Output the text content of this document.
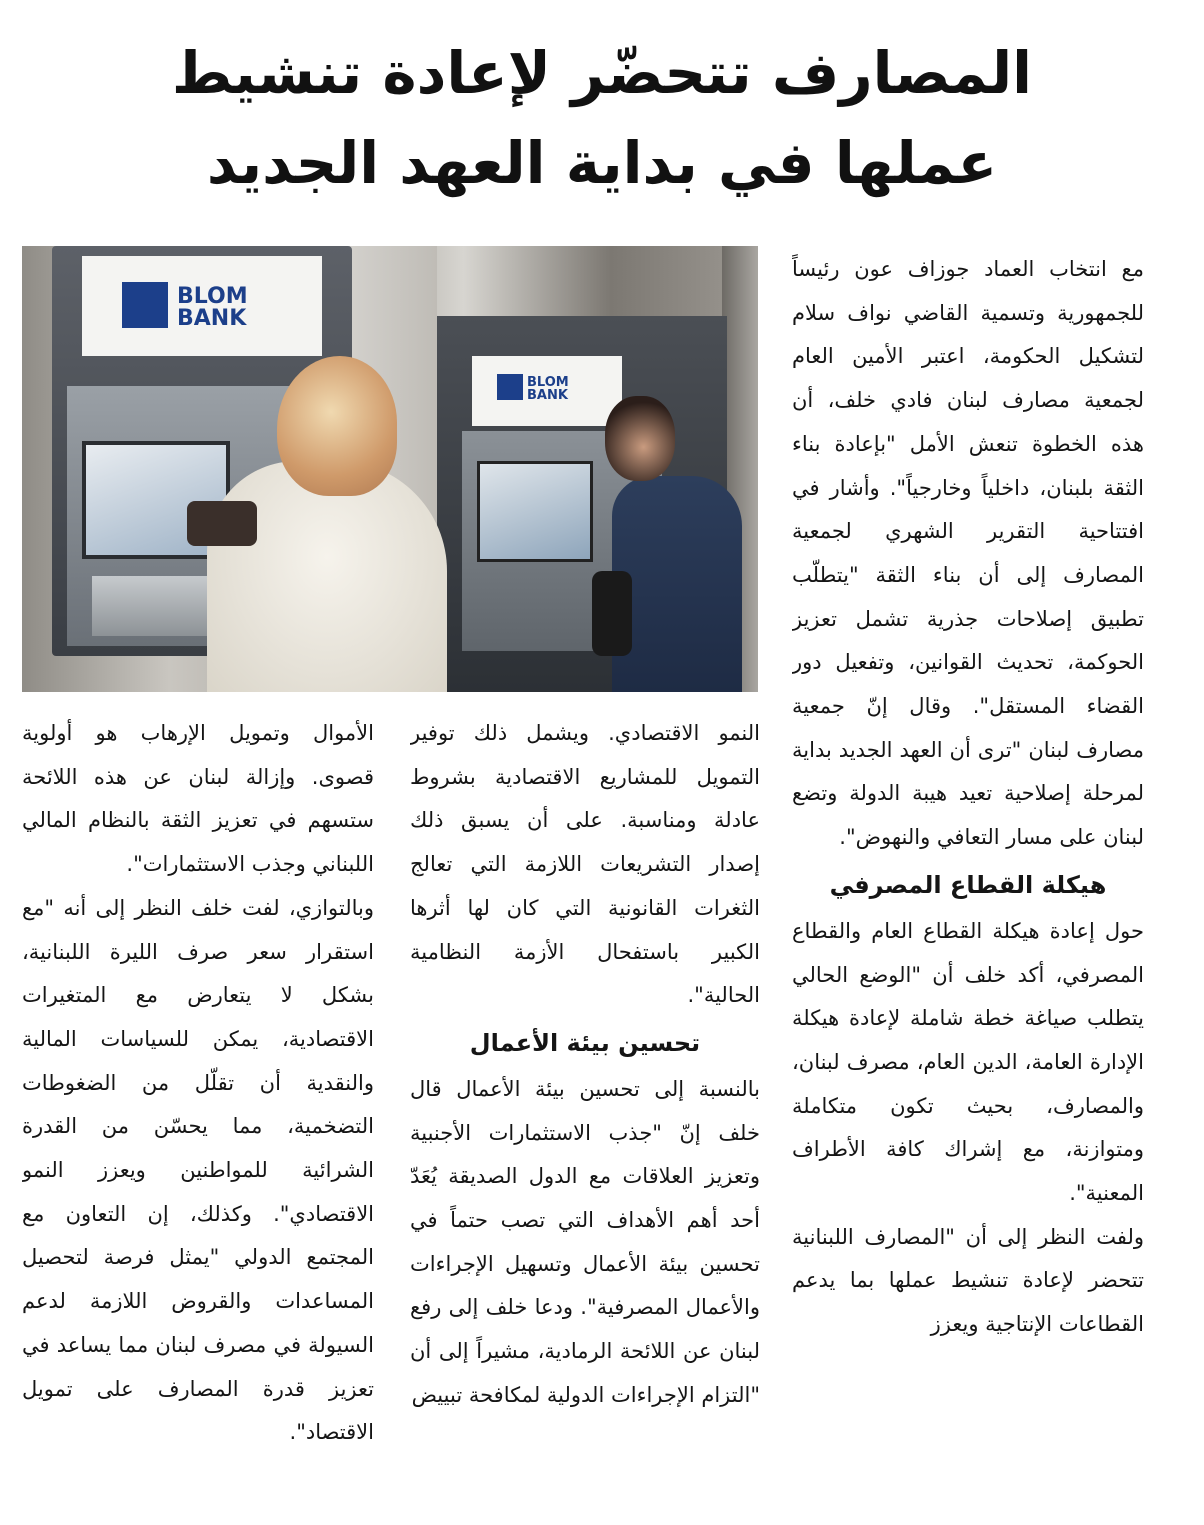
المصارف تتحضّر لإعادة تنشيط
عملها في بداية العهد الجديد
BLOM
BANK
BLOM
BANK

مع انتخاب العماد جوزاف عون رئيساً للجمهورية وتسمية القاضي نواف سلام لتشكيل الحكومة، اعتبر الأمين العام لجمعية مصارف لبنان فادي خلف، أن هذه الخطوة تنعش الأمل "بإعادة بناء الثقة بلبنان، داخلياً وخارجياً". وأشار في افتتاحية التقرير الشهري لجمعية المصارف إلى أن بناء الثقة "يتطلّب تطبيق إصلاحات جذرية تشمل تعزيز الحوكمة، تحديث القوانين، وتفعيل دور القضاء المستقل". وقال إنّ جمعية مصارف لبنان "ترى أن العهد الجديد بداية لمرحلة إصلاحية تعيد هيبة الدولة وتضع لبنان على مسار التعافي والنهوض".

هيكلة القطاع المصرفي

حول إعادة هيكلة القطاع العام والقطاع المصرفي، أكد خلف أن "الوضع الحالي يتطلب صياغة خطة شاملة لإعادة هيكلة الإدارة العامة، الدين العام، مصرف لبنان، والمصارف، بحيث تكون متكاملة ومتوازنة، مع إشراك كافة الأطراف المعنية".

ولفت النظر إلى أن "المصارف اللبنانية تتحضر لإعادة تنشيط عملها بما يدعم القطاعات الإنتاجية ويعزز

النمو الاقتصادي. ويشمل ذلك توفير التمويل للمشاريع الاقتصادية بشروط عادلة ومناسبة. على أن يسبق ذلك إصدار التشريعات اللازمة التي تعالج الثغرات القانونية التي كان لها أثرها الكبير باستفحال الأزمة النظامية الحالية".

تحسين بيئة الأعمال

بالنسبة إلى تحسين بيئة الأعمال قال خلف إنّ "جذب الاستثمارات الأجنبية وتعزيز العلاقات مع الدول الصديقة يُعَدّ أحد أهم الأهداف التي تصب حتماً في تحسين بيئة الأعمال وتسهيل الإجراءات والأعمال المصرفية". ودعا خلف إلى رفع لبنان عن اللائحة الرمادية، مشيراً إلى أن "التزام الإجراءات الدولية لمكافحة تبييض

الأموال وتمويل الإرهاب هو أولوية قصوى. وإزالة لبنان عن هذه اللائحة ستسهم في تعزيز الثقة بالنظام المالي اللبناني وجذب الاستثمارات".

وبالتوازي، لفت خلف النظر إلى أنه "مع استقرار سعر صرف الليرة اللبنانية، بشكل لا يتعارض مع المتغيرات الاقتصادية، يمكن للسياسات المالية والنقدية أن تقلّل من الضغوطات التضخمية، مما يحسّن من القدرة الشرائية للمواطنين ويعزز النمو الاقتصادي". وكذلك، إن التعاون مع المجتمع الدولي "يمثل فرصة لتحصيل المساعدات والقروض اللازمة لدعم السيولة في مصرف لبنان مما يساعد في تعزيز قدرة المصارف على تمويل الاقتصاد".
